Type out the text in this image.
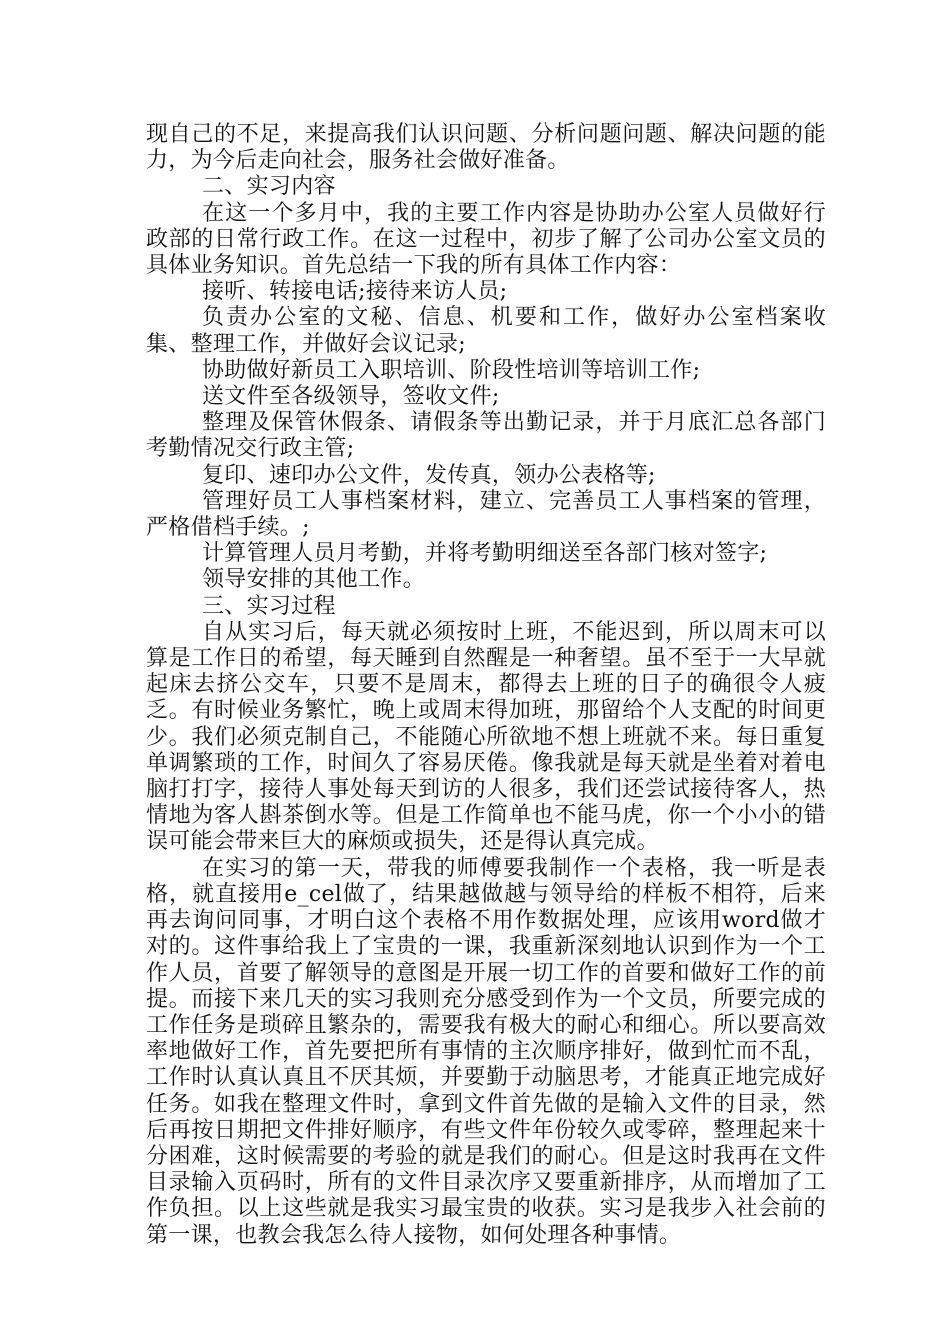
现自己的不足，来提高我们认识问题、分析问题问题、解决问题的能力，为今后走向社会，服务社会做好准备。

二、实习内容

在这一个多月中，我的主要工作内容是协助办公室人员做好行政部的日常行政工作。在这一过程中，初步了解了公司办公室文员的具体业务知识。首先总结一下我的所有具体工作内容：

接听、转接电话;接待来访人员;

负责办公室的文秘、信息、机要和工作，做好办公室档案收集、整理工作，并做好会议记录;

协助做好新员工入职培训、阶段性培训等培训工作;

送文件至各级领导，签收文件;

整理及保管休假条、请假条等出勤记录，并于月底汇总各部门考勤情况交行政主管;

复印、速印办公文件，发传真，领办公表格等;

管理好员工人事档案材料，建立、完善员工人事档案的管理，严格借档手续。;

计算管理人员月考勤，并将考勤明细送至各部门核对签字;

领导安排的其他工作。

三、实习过程

自从实习后，每天就必须按时上班，不能迟到，所以周末可以算是工作日的希望，每天睡到自然醒是一种奢望。虽不至于一大早就起床去挤公交车，只要不是周末，都得去上班的日子的确很令人疲乏。有时候业务繁忙，晚上或周末得加班，那留给个人支配的时间更少。我们必须克制自己，不能随心所欲地不想上班就不来。每日重复单调繁琐的工作，时间久了容易厌倦。像我就是每天就是坐着对着电脑打打字，接待人事处每天到访的人很多，我们还尝试接待客人，热情地为客人斟茶倒水等。但是工作简单也不能马虎，你一个小小的错误可能会带来巨大的麻烦或损失，还是得认真完成。

在实习的第一天，带我的师傅要我制作一个表格，我一听是表格，就直接用e_cel做了，结果越做越与领导给的样板不相符，后来再去询问同事，才明白这个表格不用作数据处理，应该用word做才对的。这件事给我上了宝贵的一课，我重新深刻地认识到作为一个工作人员，首要了解领导的意图是开展一切工作的首要和做好工作的前提。而接下来几天的实习我则充分感受到作为一个文员，所要完成的工作任务是琐碎且繁杂的，需要我有极大的耐心和细心。所以要高效率地做好工作，首先要把所有事情的主次顺序排好，做到忙而不乱，工作时认真认真且不厌其烦，并要勤于动脑思考，才能真正地完成好任务。如我在整理文件时，拿到文件首先做的是输入文件的目录，然后再按日期把文件排好顺序，有些文件年份较久或零碎，整理起来十分困难，这时候需要的考验的就是我们的耐心。但是这时我再在文件目录输入页码时，所有的文件目录次序又要重新排序，从而增加了工作负担。以上这些就是我实习最宝贵的收获。实习是我步入社会前的第一课，也教会我怎么待人接物，如何处理各种事情。
